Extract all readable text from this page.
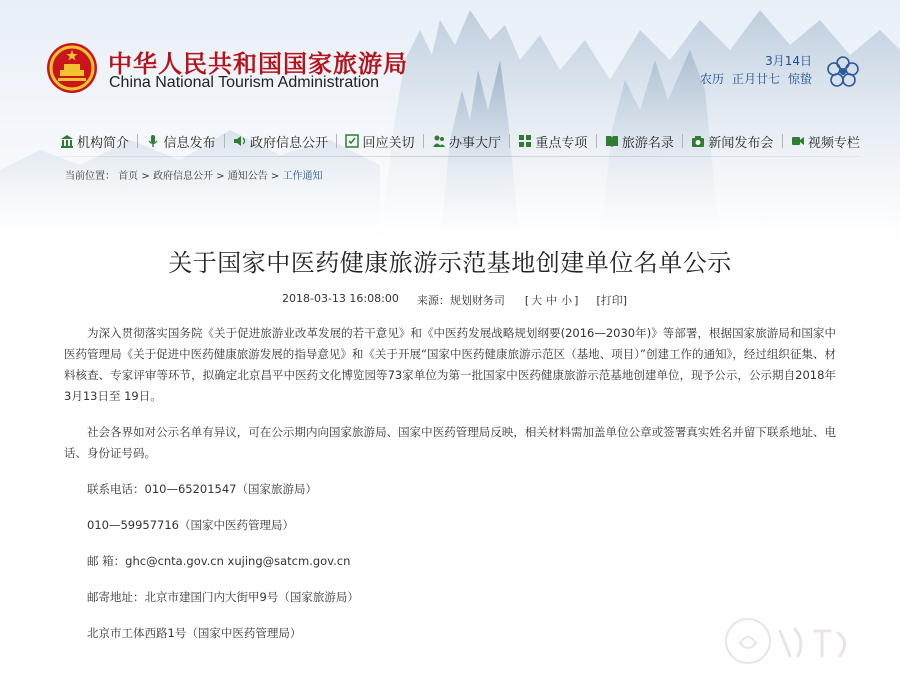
中华人民共和国国家旅游局
China National Tourism Administration
3月14日
农历 正月廿七 惊蛰
机构简介	信息发布	政府信息公开	回应关切	办事大厅	重点专项	旅游名录	新闻发布会	视频专栏
当前位置： 首页 > 政府信息公开 > 通知公告 > 工作通知
关于国家中医药健康旅游示范基地创建单位名单公示
2018-03-13 16:08:00 来源：规划财务司 [ 大 中 小 ] [打印]

为深入贯彻落实国务院《关于促进旅游业改革发展的若干意见》和《中医药发展战略规划纲要(2016—2030年)》等部署，根据国家旅游局和国家中医药管理局《关于促进中医药健康旅游发展的指导意见》和《关于开展“国家中医药健康旅游示范区（基地、项目）”创建工作的通知》，经过组织征集、材料核查、专家评审等环节，拟确定北京昌平中医药文化博览园等73家单位为第一批国家中医药健康旅游示范基地创建单位，现予公示，公示期自2018年3月13日至 19日。

社会各界如对公示名单有异议，可在公示期内向国家旅游局、国家中医药管理局反映，相关材料需加盖单位公章或签署真实姓名并留下联系地址、电话、身份证号码。

联系电话：010—65201547（国家旅游局）

010—59957716（国家中医药管理局）

邮 箱：ghc@cnta.gov.cn xujing@satcm.gov.cn

邮寄地址：北京市建国门内大街甲9号（国家旅游局）

北京市工体西路1号（国家中医药管理局）
